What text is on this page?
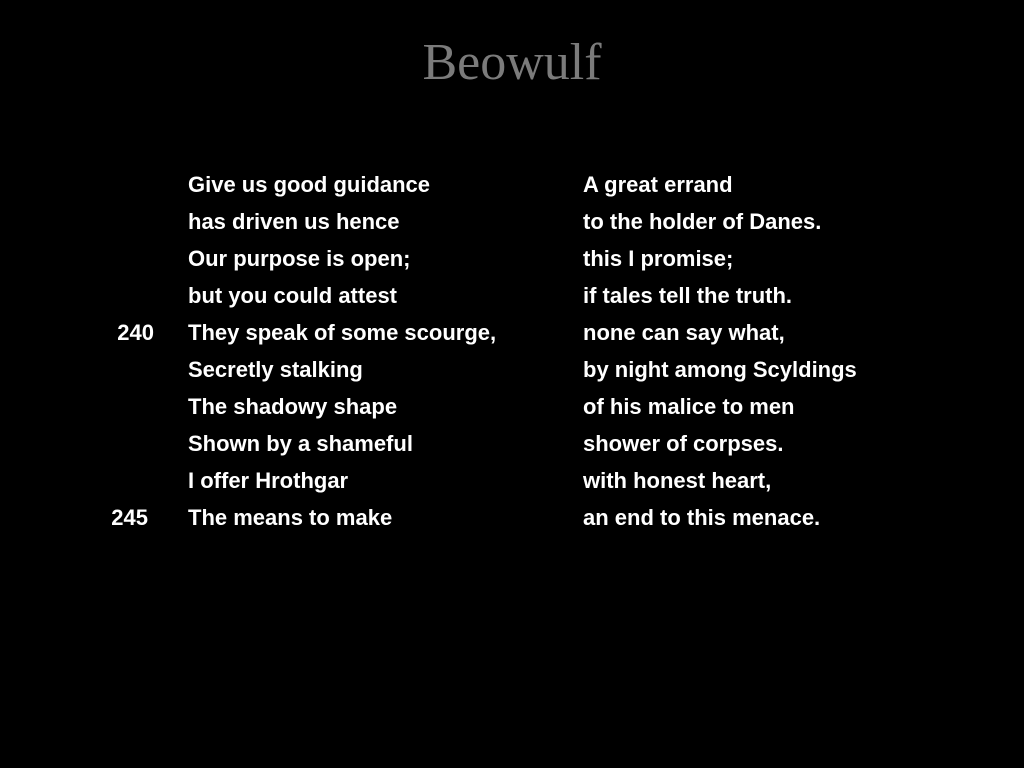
Beowulf
Give us good guidance	A great errand
has driven us hence	to the holder of Danes.
Our purpose is open;	this I promise;
but you could attest	if tales tell the truth.
240 They speak of some scourge,	none can say what,
Secretly stalking	by night among Scyldings
The shadowy shape	of his malice to men
Shown by a shameful	shower of corpses.
I offer Hrothgar	with honest heart,
245 The means to make	an end to this menace.
